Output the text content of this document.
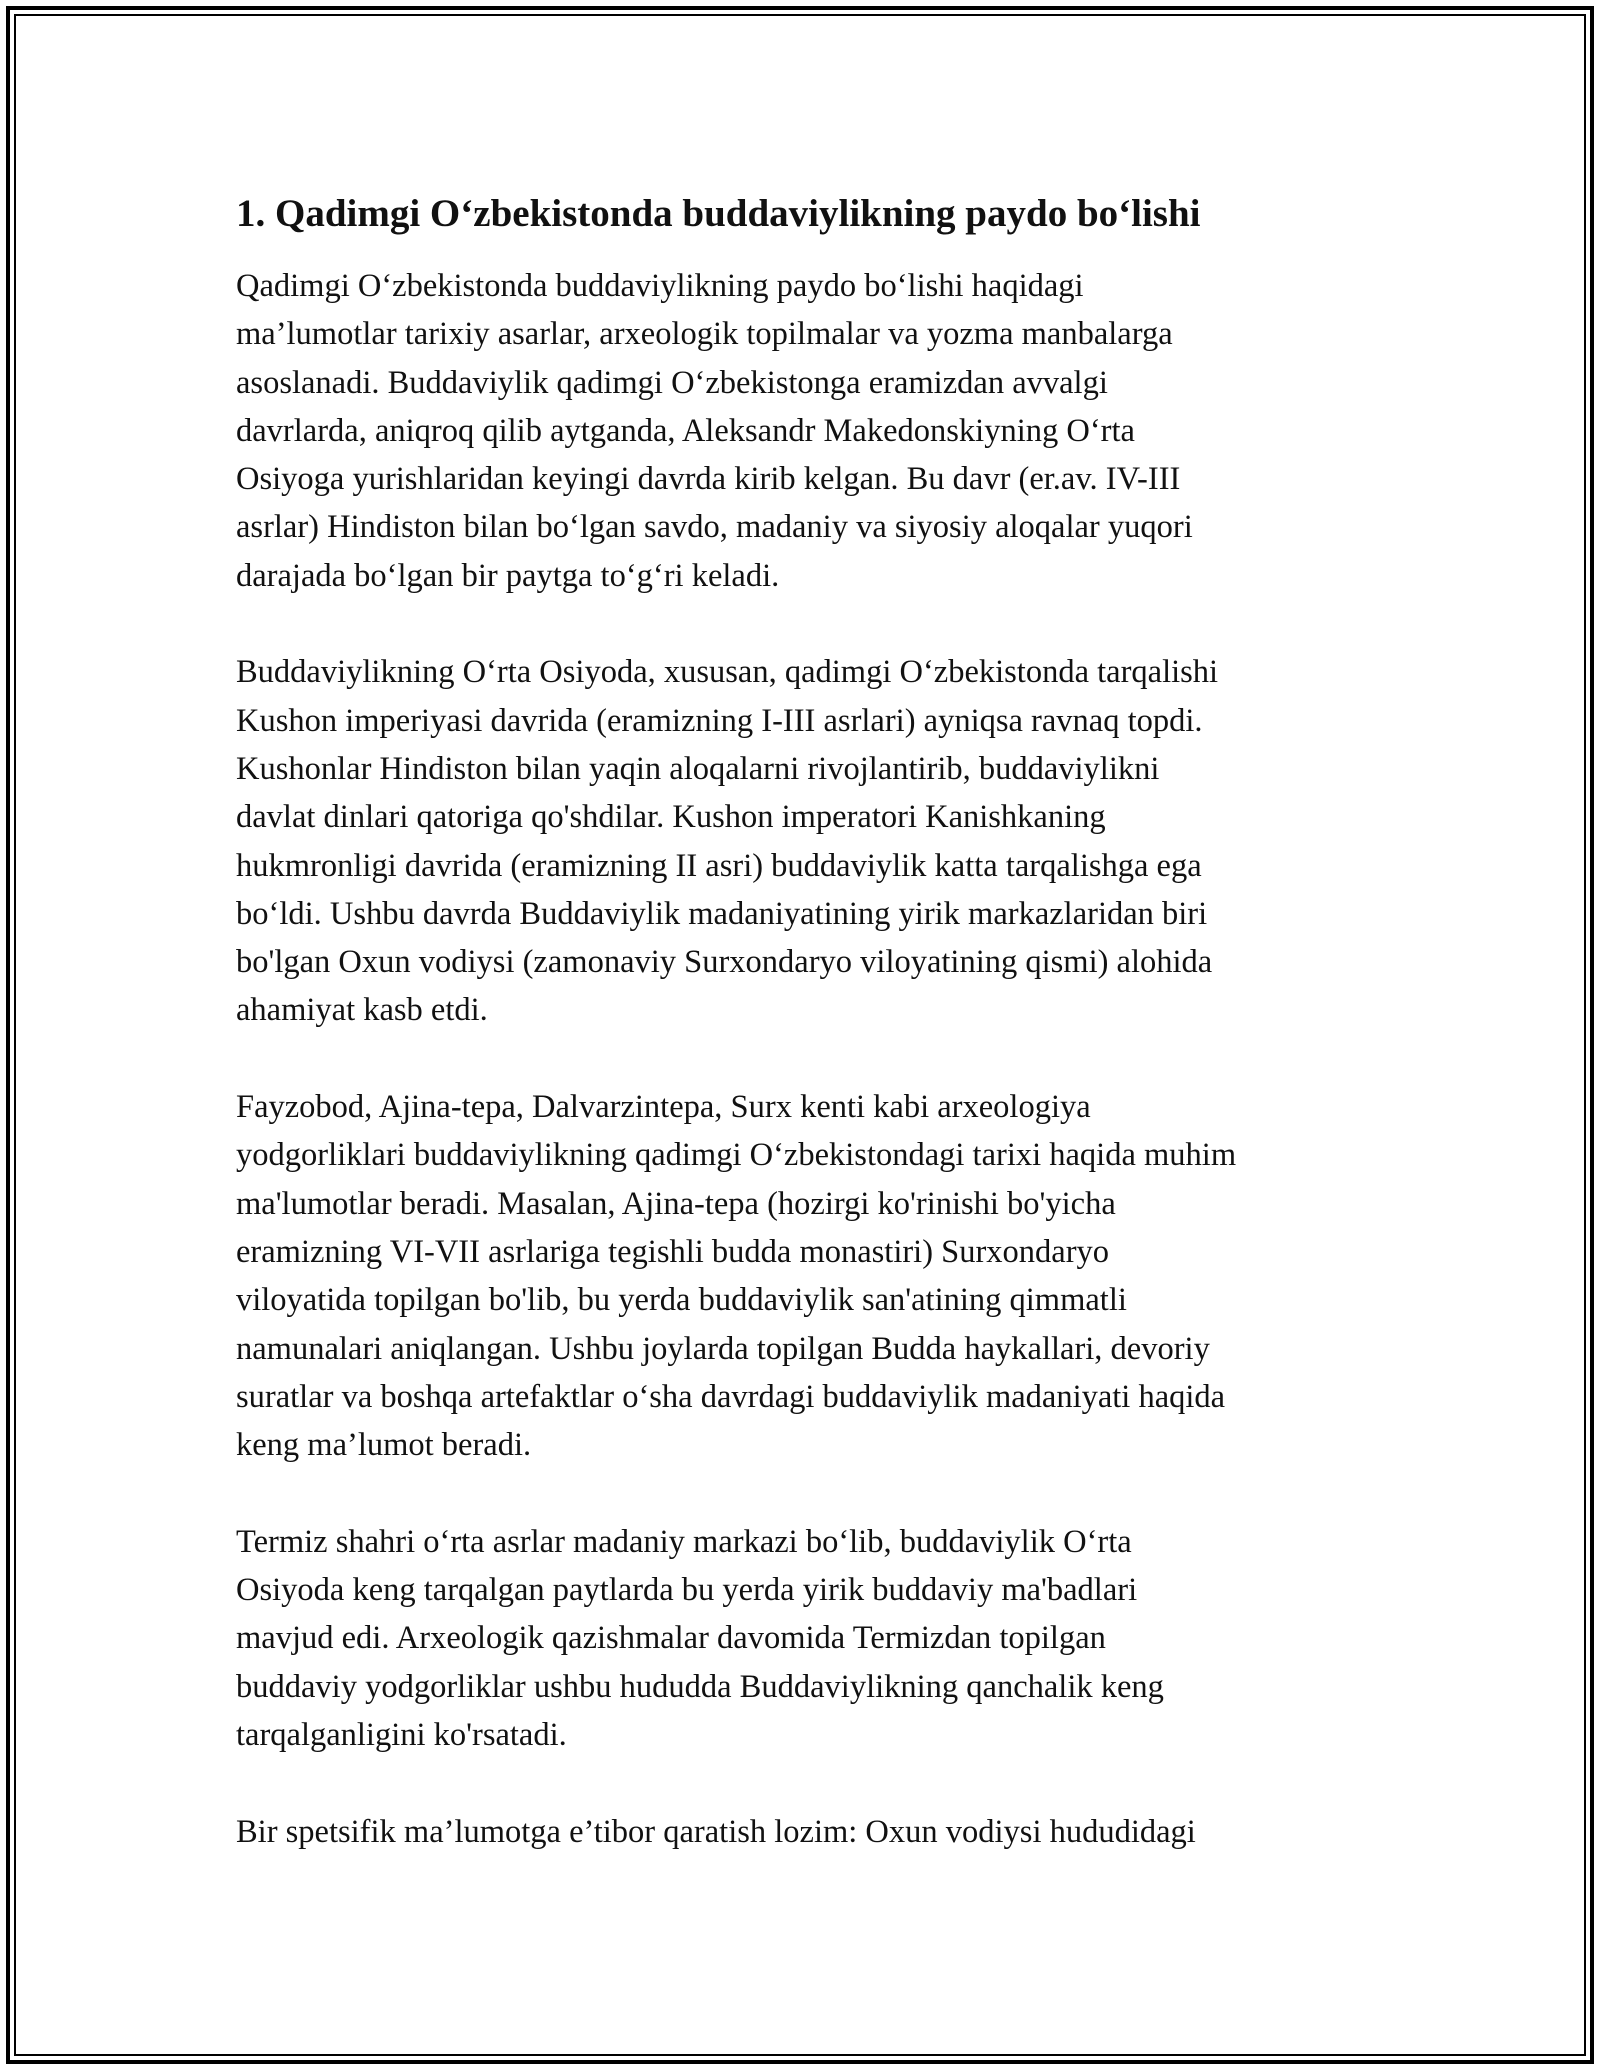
1. Qadimgi O‘zbekistonda buddaviylikning paydo bo‘lishi
Qadimgi O‘zbekistonda buddaviylikning paydo bo‘lishi haqidagi
ma’lumotlar tarixiy asarlar, arxeologik topilmalar va yozma manbalarga
asoslanadi. Buddaviylik qadimgi O‘zbekistonga eramizdan avvalgi
davrlarda, aniqroq qilib aytganda, Aleksandr Makedonskiyning O‘rta
Osiyoga yurishlaridan keyingi davrda kirib kelgan. Bu davr (er.av. IV-III
asrlar) Hindiston bilan bo‘lgan savdo, madaniy va siyosiy aloqalar yuqori
darajada bo‘lgan bir paytga to‘g‘ri keladi.
Buddaviylikning O‘rta Osiyoda, xususan, qadimgi O‘zbekistonda tarqalishi
Kushon imperiyasi davrida (eramizning I-III asrlari) ayniqsa ravnaq topdi.
Kushonlar Hindiston bilan yaqin aloqalarni rivojlantirib, buddaviylikni
davlat dinlari qatoriga qo'shdilar. Kushon imperatori Kanishkaning
hukmronligi davrida (eramizning II asri) buddaviylik katta tarqalishga ega
bo‘ldi. Ushbu davrda Buddaviylik madaniyatining yirik markazlaridan biri
bo'lgan Oxun vodiysi (zamonaviy Surxondaryo viloyatining qismi) alohida
ahamiyat kasb etdi.
Fayzobod, Ajina-tepa, Dalvarzintepa, Surx kenti kabi arxeologiya
yodgorliklari buddaviylikning qadimgi O‘zbekistondagi tarixi haqida muhim
ma'lumotlar beradi. Masalan, Ajina-tepa (hozirgi ko'rinishi bo'yicha
eramizning VI-VII asrlariga tegishli budda monastiri) Surxondaryo
viloyatida topilgan bo'lib, bu yerda buddaviylik san'atining qimmatli
namunalari aniqlangan. Ushbu joylarda topilgan Budda haykallari, devoriy
suratlar va boshqa artefaktlar o‘sha davrdagi buddaviylik madaniyati haqida
keng ma’lumot beradi.
Termiz shahri o‘rta asrlar madaniy markazi bo‘lib, buddaviylik O‘rta
Osiyoda keng tarqalgan paytlarda bu yerda yirik buddaviy ma'badlari
mavjud edi. Arxeologik qazishmalar davomida Termizdan topilgan
buddaviy yodgorliklar ushbu hududda Buddaviylikning qanchalik keng
tarqalganligini ko'rsatadi.
Bir spetsifik ma’lumotga e’tibor qaratish lozim: Oxun vodiysi hududidagi
